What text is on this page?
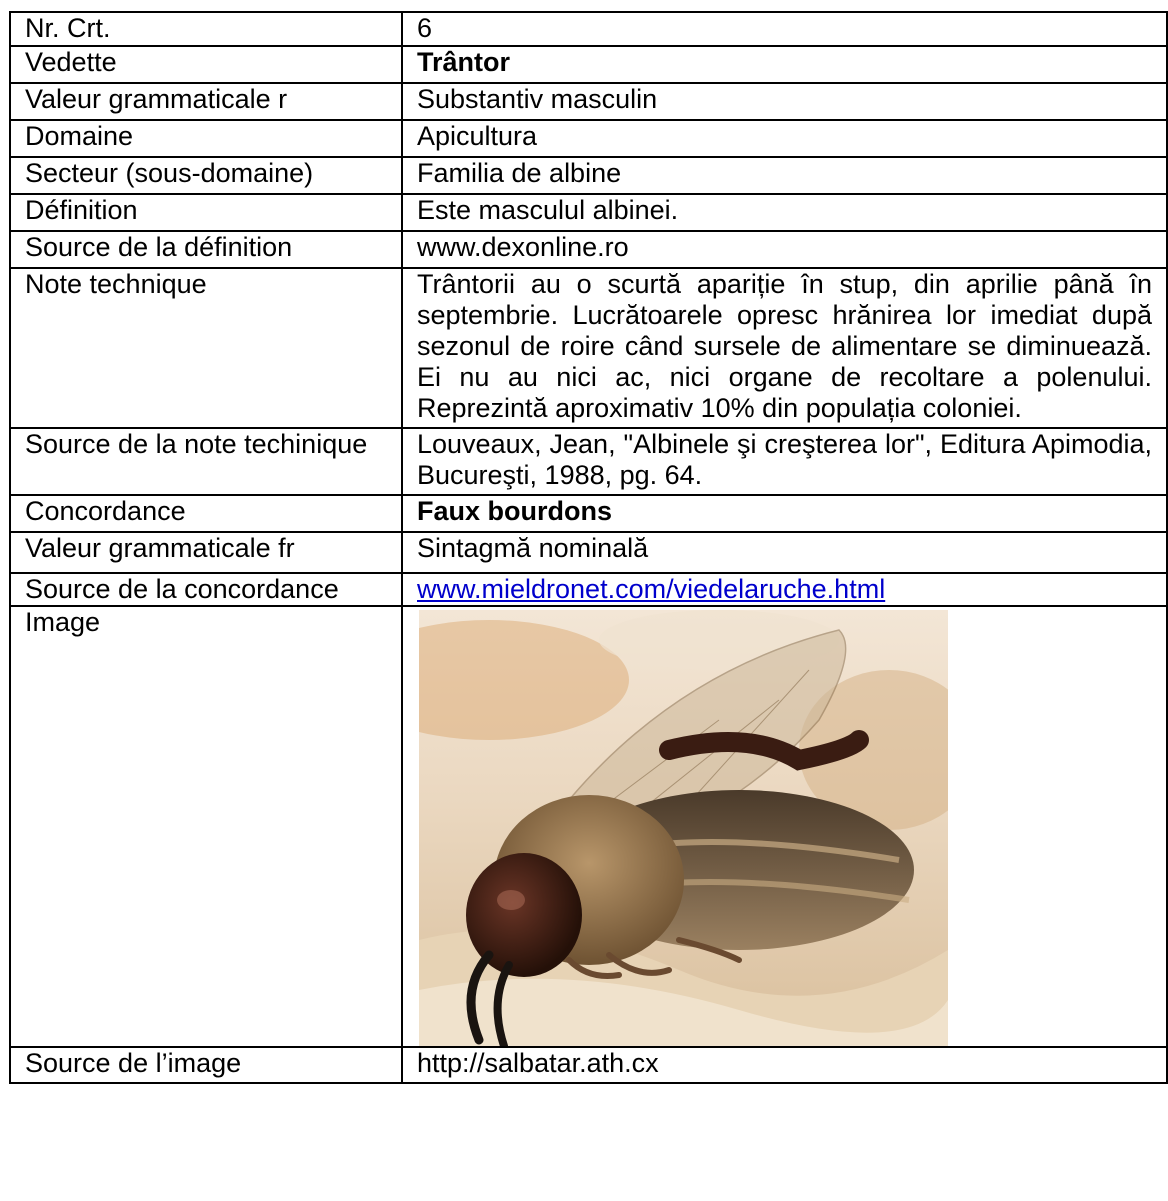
Nr. Crt.	6
Vedette	Trântor
Valeur grammaticale r	Substantiv masculin
Domaine	Apicultura
Secteur (sous-domaine)	Familia de albine
Définition	Este masculul albinei.
Source de la définition	www.dexonline.ro
Note technique	Trântorii au o scurtă apariție în stup, din aprilie până în septembrie. Lucrătoarele opresc hrănirea lor imediat după sezonul de roire când sursele de alimentare se diminuează. Ei nu au nici ac, nici organe de recoltare a polenului. Reprezintă aproximativ 10% din populația coloniei.
Source de la note techinique	Louveaux, Jean, "Albinele şi creşterea lor", Editura Apimodia, Bucureşti, 1988, pg. 64.
Concordance	Faux bourdons
Valeur grammaticale fr	Sintagmă nominală
Source de la concordance	www.mieldronet.com/viedelaruche.html
Image	

Source de l’image	http://salbatar.ath.cx
